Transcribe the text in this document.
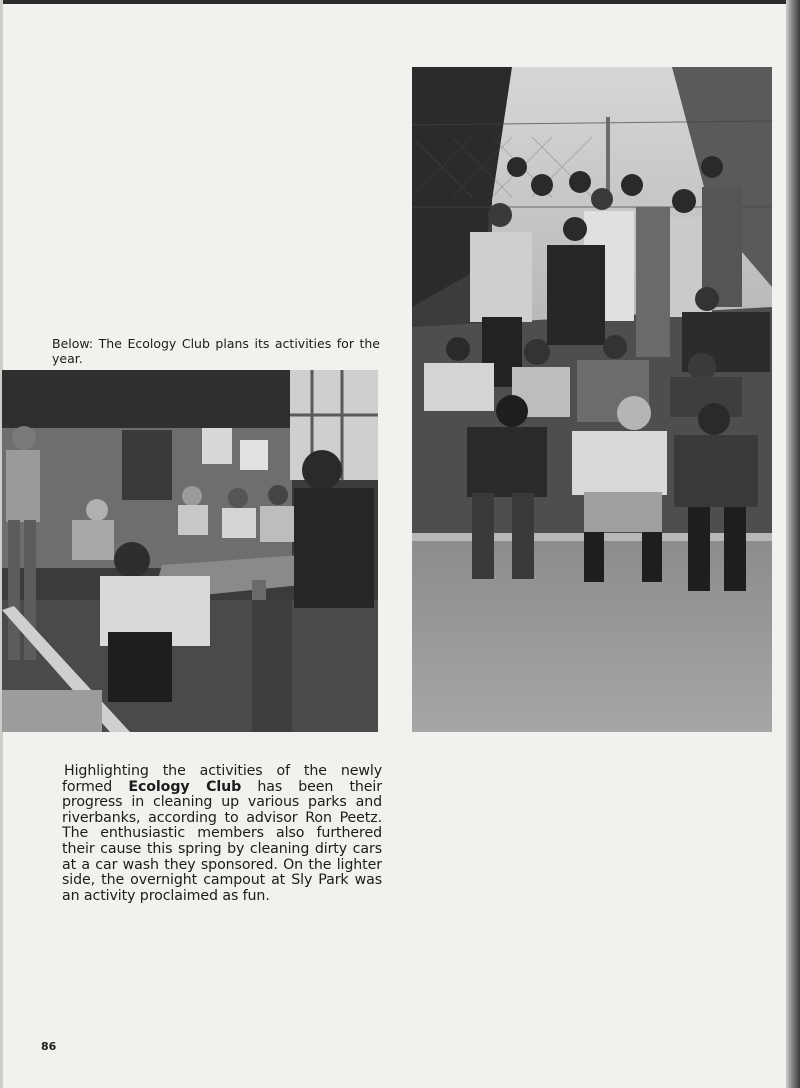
Below: The Ecology Club plans its activities for the year.

Highlighting the activities of the newly formed Ecology Club has been their progress in cleaning up various parks and riverbanks, according to advisor Ron Peetz. The enthusiastic members also furthered their cause this spring by cleaning dirty cars at a car wash they sponsored. On the lighter side, the overnight campout at Sly Park was an activity proclaimed as fun.

86
